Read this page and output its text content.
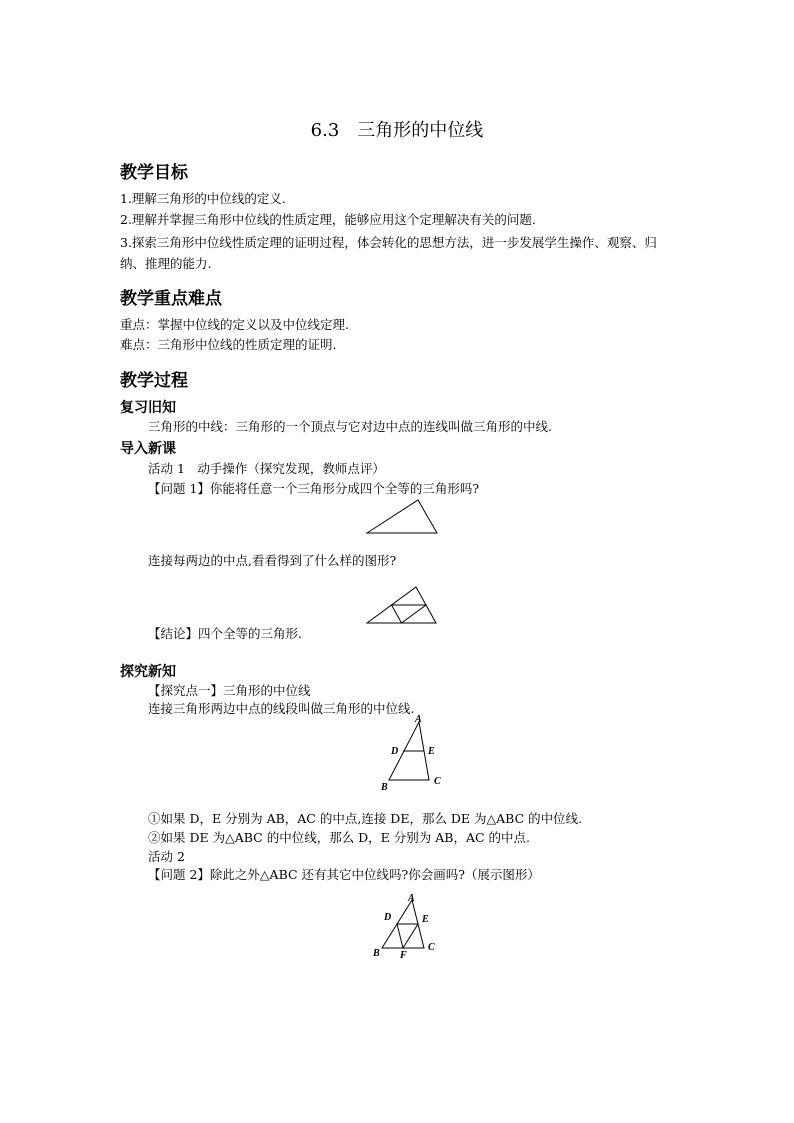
6.3　三角形的中位线
教学目标
1.理解三角形的中位线的定义.
2.理解并掌握三角形中位线的性质定理，能够应用这个定理解决有关的问题.
3.探索三角形中位线性质定理的证明过程，体会转化的思想方法，进一步发展学生操作、观察、归纳、推理的能力.
教学重点难点
重点：掌握中位线的定义以及中位线定理.
难点：三角形中位线的性质定理的证明.
教学过程
复习旧知
三角形的中线：三角形的一个顶点与它对边中点的连线叫做三角形的中线.
导入新课
活动 1　动手操作（探究发现，教师点评）
【问题 1】你能将任意一个三角形分成四个全等的三角形吗?
连接每两边的中点,看看得到了什么样的图形?
【结论】四个全等的三角形.
探究新知
【探究点一】三角形的中位线
连接三角形两边中点的线段叫做三角形的中位线.
A
B
C
D	E
①如果 D，E 分别为 AB，AC 的中点,连接 DE，那么 DE 为△ABC 的中位线.
②如果 DE 为△ABC 的中位线，那么 D，E 分别为 AB，AC 的中点.
活动 2
【问题 2】除此之外△ABC 还有其它中位线吗?你会画吗?（展示图形）
A
B
C
D	E
F
